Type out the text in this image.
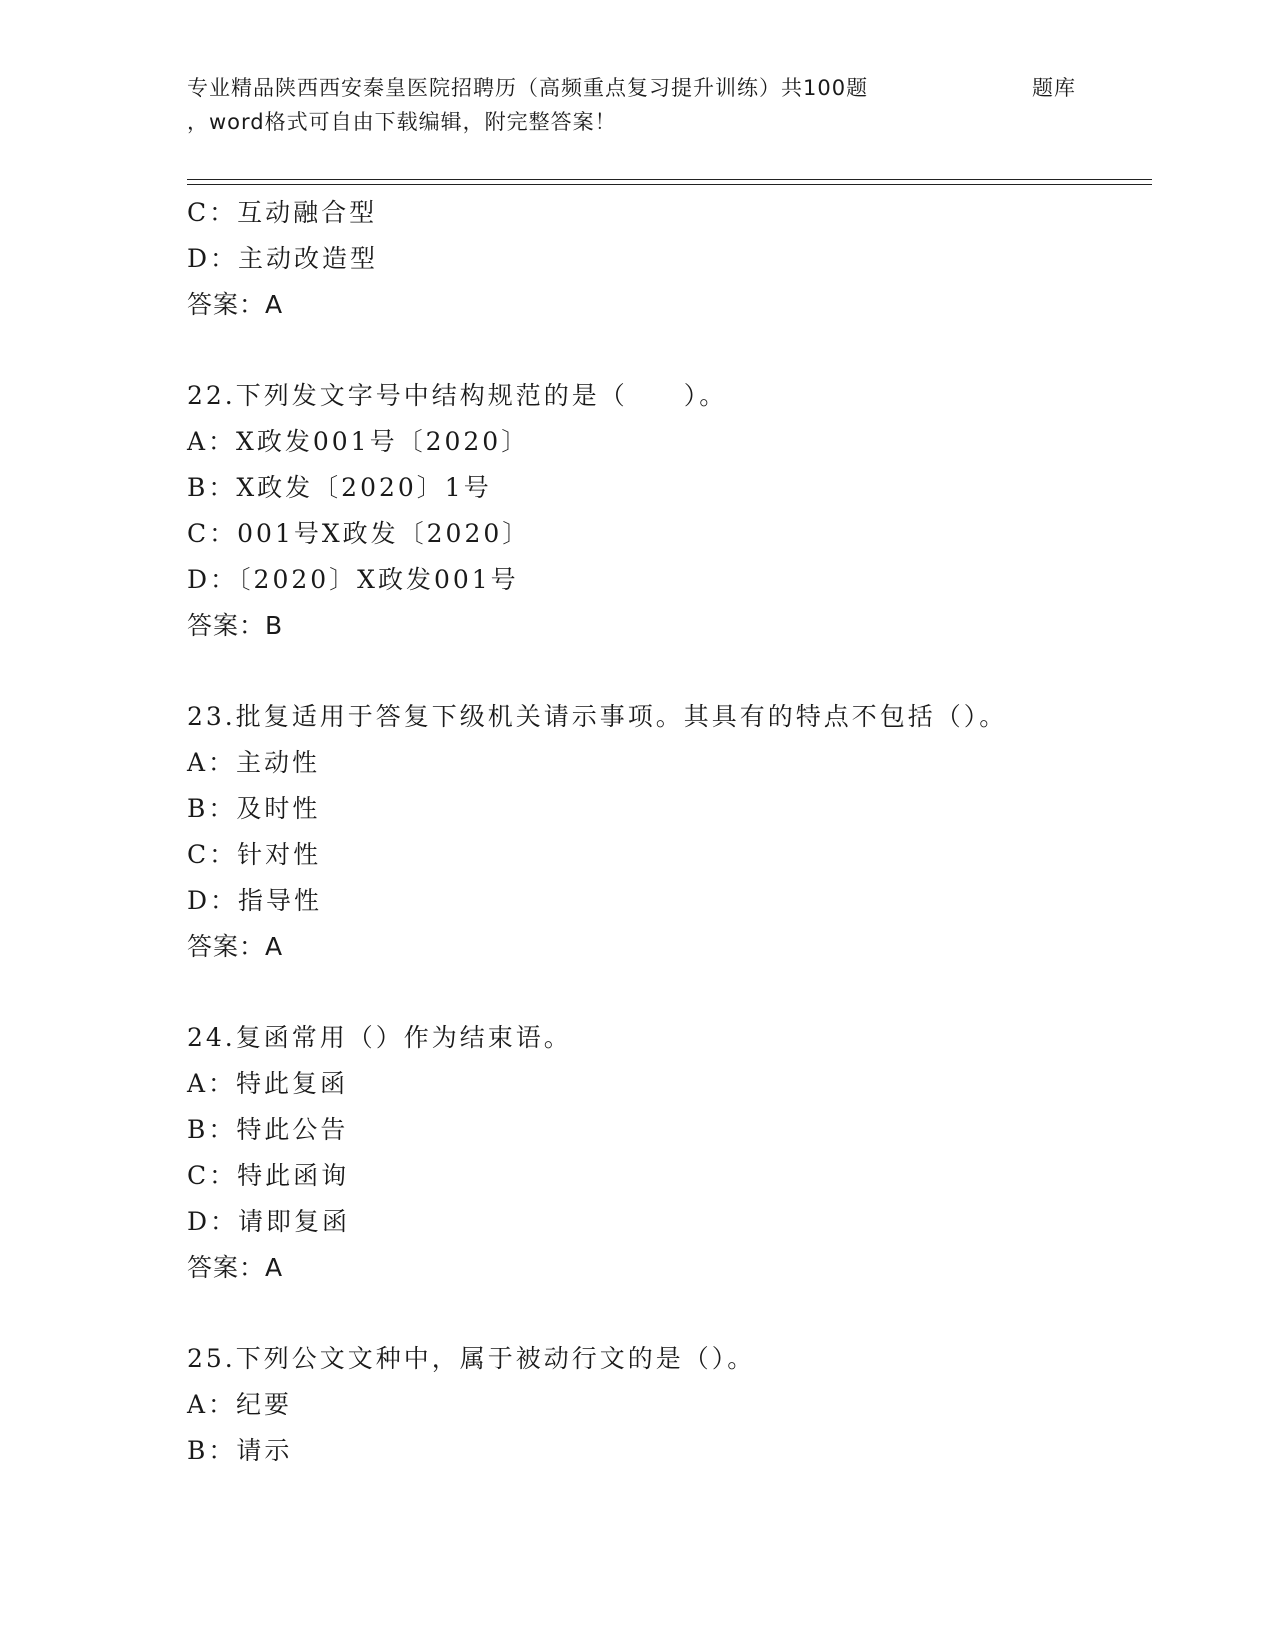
专业精品陕西西安秦皇医院招聘历（高频重点复习提升训练）共100题	题库
，word格式可自由下载编辑，附完整答案！
C：互动融合型
D：主动改造型
答案：A
22.下列发文字号中结构规范的是（　　）。
A：X政发001号〔2020〕
B：X政发〔2020〕1号
C：001号X政发〔2020〕
D：〔2020〕X政发001号
答案：B
23.批复适用于答复下级机关请示事项。其具有的特点不包括（）。
A：主动性
B：及时性
C：针对性
D：指导性
答案：A
24.复函常用（）作为结束语。
A：特此复函
B：特此公告
C：特此函询
D：请即复函
答案：A
25.下列公文文种中，属于被动行文的是（）。
A：纪要
B：请示
